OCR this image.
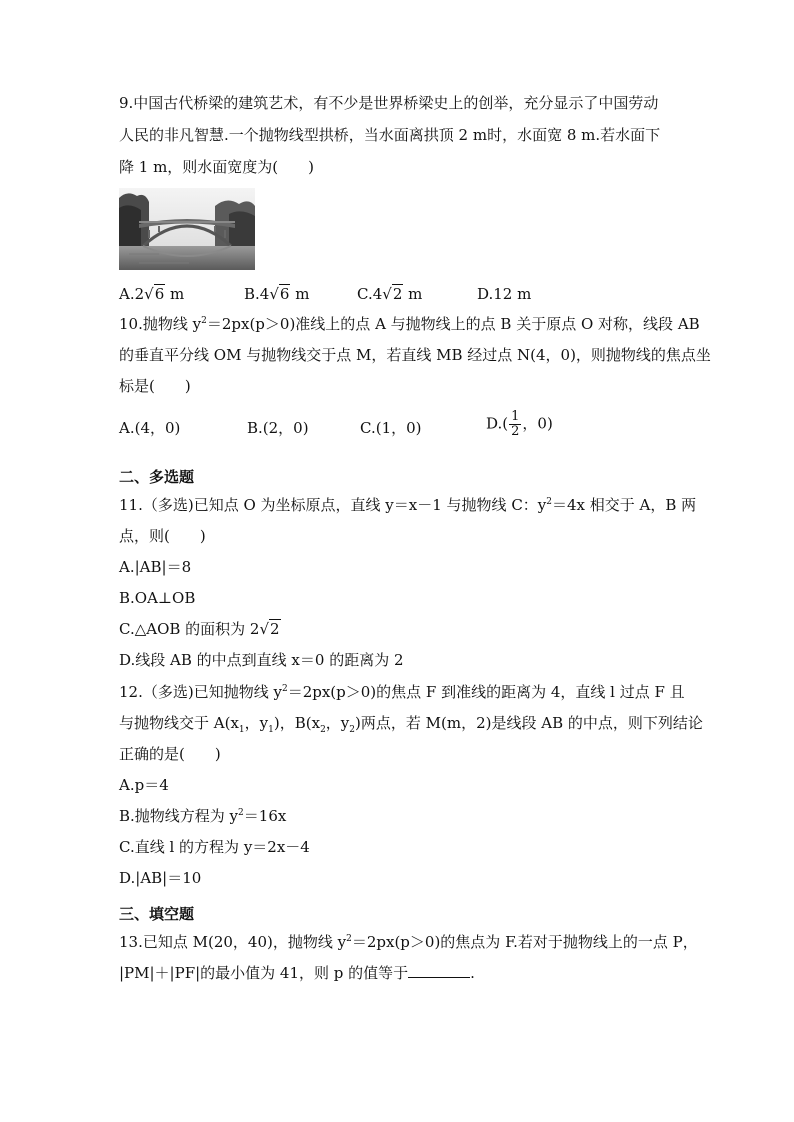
9.中国古代桥梁的建筑艺术，有不少是世界桥梁史上的创举，充分显示了中国劳动
人民的非凡智慧.一个抛物线型拱桥，当水面离拱顶 2 m时，水面宽 8 m.若水面下
降 1 m，则水面宽度为(　　)
A.2√6 m	B.4√6 m	C.4√2 m	D.12 m
10.抛物线 $y^2=2px(p>0)$准线上的点 A 与抛物线上的点 B 关于原点 O 对称，线段 AB
的垂直平分线 OM 与抛物线交于点 M，若直线 MB 经过点 N(4，0)，则抛物线的焦点坐
标是(　　)
A.(4，0)	B.(2，0)	C.(1，0)	$D.( \frac{1}{2}$ ，0)
二、多选题
11.（多选)已知点 O 为坐标原点，直线 y＝x－1 与抛物线 C：$y^2=4x$ 相交于 A，B 两
点，则(　　)
A.|AB|＝8
B.OA⊥OB
C.△AOB 的面积为 2√2
D.线段 AB 的中点到直线 x＝0 的距离为 2
12.（多选)已知抛物线 $y^2=2px(p>0)$的焦点 F 到准线的距离为 4，直线 l 过点 F 且
与抛物线交于 $A(x_1$，$y_1$)，$B(x_2$，$y_2$)两点，若 M(m，2)是线段 AB 的中点，则下列结论
正确的是(　　)
A.p＝4
B.抛物线方程为 $y^2=16x$
C.直线 l 的方程为 y＝2x－4
D.|AB|＝10
三、填空题
13.已知点 M(20，40)，抛物线 $y^2=2px(p>0)$的焦点为 F.若对于抛物线上的一点 P，
|PM|＋|PF|的最小值为 41，则 p 的值等于	.
